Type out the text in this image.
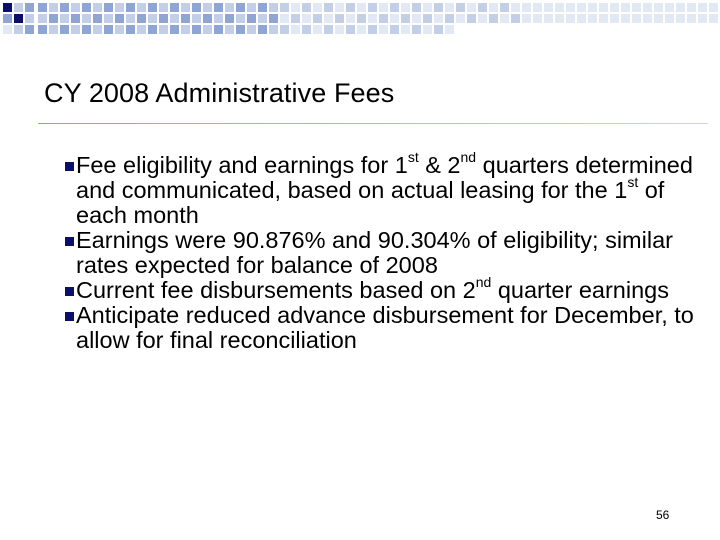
CY 2008 Administrative Fees
Fee eligibility and earnings for 1st & 2nd quarters determined and communicated, based on actual leasing for the 1st of each month
Earnings were 90.876% and 90.304% of eligibility; similar rates expected for balance of 2008
Current fee disbursements based on 2nd quarter earnings
Anticipate reduced advance disbursement for December, to allow for final reconciliation
56
